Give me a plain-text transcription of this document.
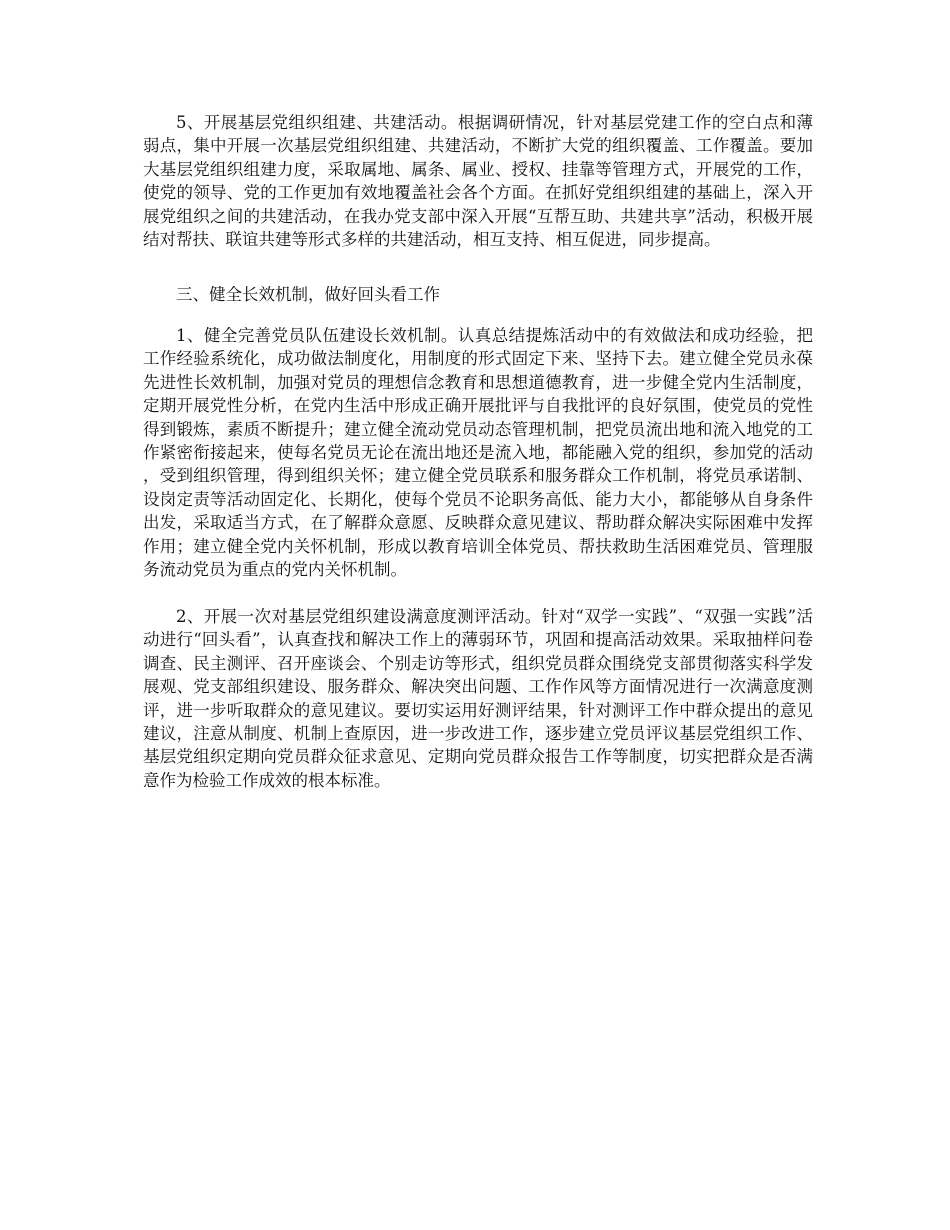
5、开展基层党组织组建、共建活动。根据调研情况，针对基层党建工作的空白点和薄弱点，集中开展一次基层党组织组建、共建活动，不断扩大党的组织覆盖、工作覆盖。要加大基层党组织组建力度，采取属地、属条、属业、授权、挂靠等管理方式，开展党的工作，使党的领导、党的工作更加有效地覆盖社会各个方面。在抓好党组织组建的基础上，深入开展党组织之间的共建活动，在我办党支部中深入开展“互帮互助、共建共享”活动，积极开展结对帮扶、联谊共建等形式多样的共建活动，相互支持、相互促进，同步提高。

三、健全长效机制，做好回头看工作

1、健全完善党员队伍建设长效机制。认真总结提炼活动中的有效做法和成功经验，把工作经验系统化，成功做法制度化，用制度的形式固定下来、坚持下去。建立健全党员永葆先进性长效机制，加强对党员的理想信念教育和思想道德教育，进一步健全党内生活制度，定期开展党性分析，在党内生活中形成正确开展批评与自我批评的良好氛围，使党员的党性得到锻炼，素质不断提升；建立健全流动党员动态管理机制，把党员流出地和流入地党的工作紧密衔接起来，使每名党员无论在流出地还是流入地，都能融入党的组织，参加党的活动，受到组织管理，得到组织关怀；建立健全党员联系和服务群众工作机制，将党员承诺制、设岗定责等活动固定化、长期化，使每个党员不论职务高低、能力大小，都能够从自身条件出发，采取适当方式，在了解群众意愿、反映群众意见建议、帮助群众解决实际困难中发挥作用；建立健全党内关怀机制，形成以教育培训全体党员、帮扶救助生活困难党员、管理服务流动党员为重点的党内关怀机制。

2、开展一次对基层党组织建设满意度测评活动。针对“双学一实践”、“双强一实践”活动进行“回头看”，认真查找和解决工作上的薄弱环节，巩固和提高活动效果。采取抽样问卷调查、民主测评、召开座谈会、个别走访等形式，组织党员群众围绕党支部贯彻落实科学发展观、党支部组织建设、服务群众、解决突出问题、工作作风等方面情况进行一次满意度测评，进一步听取群众的意见建议。要切实运用好测评结果，针对测评工作中群众提出的意见建议，注意从制度、机制上查原因，进一步改进工作，逐步建立党员评议基层党组织工作、基层党组织定期向党员群众征求意见、定期向党员群众报告工作等制度，切实把群众是否满意作为检验工作成效的根本标准。
